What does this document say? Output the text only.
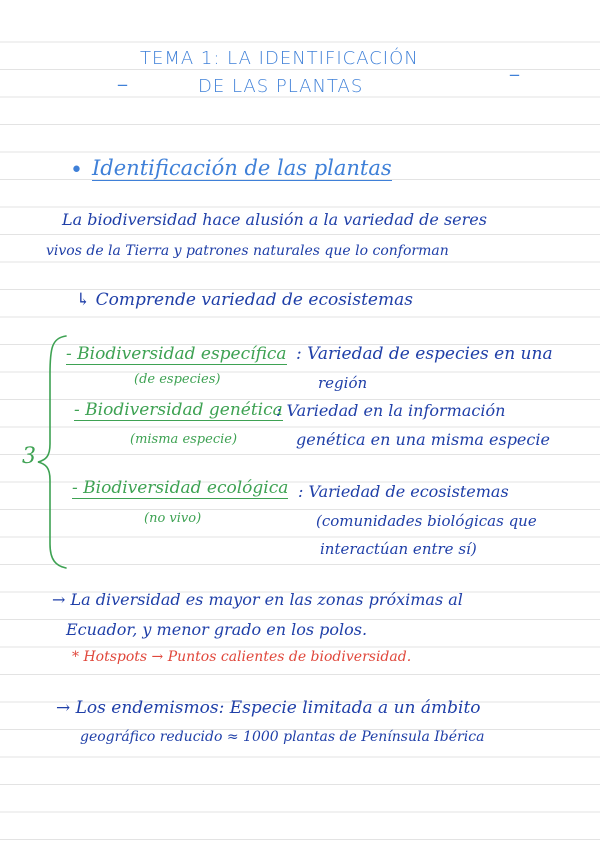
_
TEMA 1: LA IDENTIFICACIÓN	_
DE LAS PLANTAS
• Identificación de las plantas
La biodiversidad hace alusión a la variedad de seres
vivos de la Tierra y patrones naturales que lo conforman
↳ Comprende variedad de ecosistemas
3
- Biodiversidad específica
(de especies)
: Variedad de especies en una
región
- Biodiversidad genética
(misma especie)
: Variedad en la información
genética en una misma especie
- Biodiversidad ecológica
(no vivo)
: Variedad de ecosistemas
(comunidades biológicas que
interactúan entre sí)
→ La diversidad es mayor en las zonas próximas al
Ecuador, y menor grado en los polos.
* Hotspots → Puntos calientes de biodiversidad.
→ Los endemismos: Especie limitada a un ámbito
geográfico reducido ≈ 1000 plantas de Península Ibérica
